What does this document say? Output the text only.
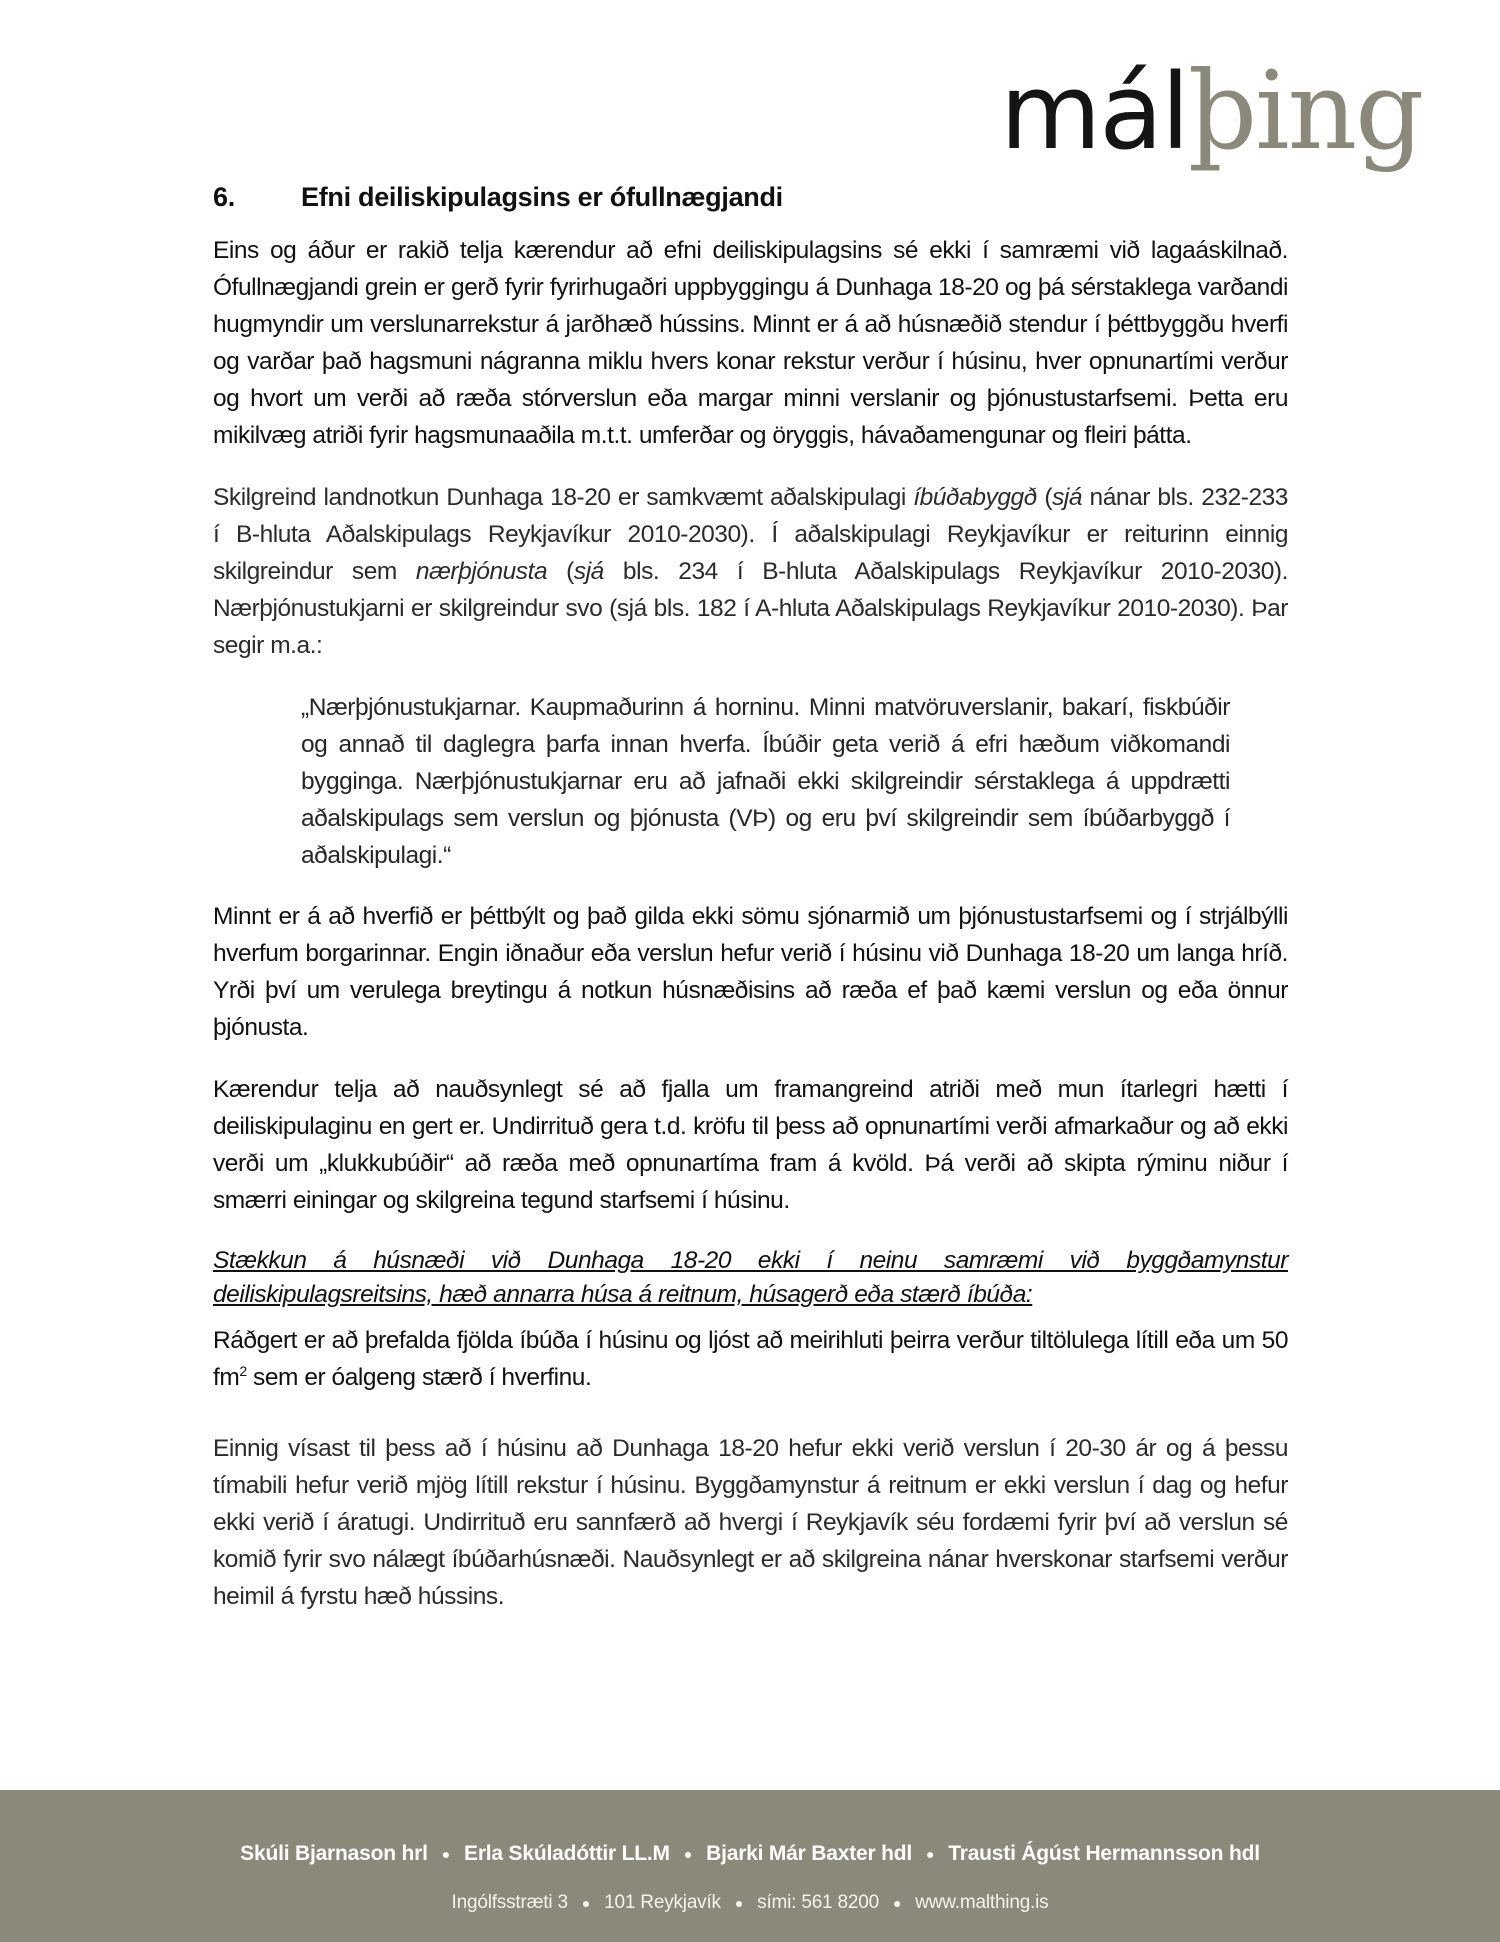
málþing
6.	Efni deiliskipulagsins er ófullnægjandi

Eins og áður er rakið telja kærendur að efni deiliskipulagsins sé ekki í samræmi við lagaáskilnað. Ófullnægjandi grein er gerð fyrir fyrirhugaðri uppbyggingu á Dunhaga 18-20 og þá sérstaklega varðandi hugmyndir um verslunarrekstur á jarðhæð hússins. Minnt er á að húsnæðið stendur í þéttbyggðu hverfi og varðar það hagsmuni nágranna miklu hvers konar rekstur verður í húsinu, hver opnunartími verður og hvort um verði að ræða stórverslun eða margar minni verslanir og þjónustustarfsemi. Þetta eru mikilvæg atriði fyrir hagsmunaaðila m.t.t. umferðar og öryggis, hávaðamengunar og fleiri þátta.

Skilgreind landnotkun Dunhaga 18-20 er samkvæmt aðalskipulagi íbúðabyggð (sjá nánar bls. 232-233 í B-hluta Aðalskipulags Reykjavíkur 2010-2030). Í aðalskipulagi Reykjavíkur er reiturinn einnig skilgreindur sem nærþjónusta (sjá bls. 234 í B-hluta Aðalskipulags Reykjavíkur 2010-2030). Nærþjónustukjarni er skilgreindur svo (sjá bls. 182 í A-hluta Aðalskipulags Reykjavíkur 2010-2030). Þar segir m.a.:

„Nærþjónustukjarnar. Kaupmaðurinn á horninu. Minni matvöruverslanir, bakarí, fiskbúðir og annað til daglegra þarfa innan hverfa. Íbúðir geta verið á efri hæðum viðkomandi bygginga. Nærþjónustukjarnar eru að jafnaði ekki skilgreindir sérstaklega á uppdrætti aðalskipulags sem verslun og þjónusta (VÞ) og eru því skilgreindir sem íbúðarbyggð í aðalskipulagi.“

Minnt er á að hverfið er þéttbýlt og það gilda ekki sömu sjónarmið um þjónustustarfsemi og í strjálbýlli hverfum borgarinnar. Engin iðnaður eða verslun hefur verið í húsinu við Dunhaga 18-20 um langa hríð. Yrði því um verulega breytingu á notkun húsnæðisins að ræða ef það kæmi verslun og eða önnur þjónusta.

Kærendur telja að nauðsynlegt sé að fjalla um framangreind atriði með mun ítarlegri hætti í deiliskipulaginu en gert er. Undirrituð gera t.d. kröfu til þess að opnunartími verði afmarkaður og að ekki verði um „klukkubúðir“ að ræða með opnunartíma fram á kvöld. Þá verði að skipta rýminu niður í smærri einingar og skilgreina tegund starfsemi í húsinu.

Stækkun á húsnæði við Dunhaga 18-20 ekki í neinu samræmi við byggðamynstur deiliskipulagsreitsins, hæð annarra húsa á reitnum, húsagerð eða stærð íbúða:

Ráðgert er að þrefalda fjölda íbúða í húsinu og ljóst að meirihluti þeirra verður tiltölulega lítill eða um 50 $fm^2$ sem er óalgeng stærð í hverfinu.

Einnig vísast til þess að í húsinu að Dunhaga 18-20 hefur ekki verið verslun í 20-30 ár og á þessu tímabili hefur verið mjög lítill rekstur í húsinu. Byggðamynstur á reitnum er ekki verslun í dag og hefur ekki verið í áratugi. Undirrituð eru sannfærð að hvergi í Reykjavík séu fordæmi fyrir því að verslun sé komið fyrir svo nálægt íbúðarhúsnæði. Nauðsynlegt er að skilgreina nánar hverskonar starfsemi verður heimil á fyrstu hæð hússins.

Skúli Bjarnason hrl ● Erla Skúladóttir LL.M ● Bjarki Már Baxter hdl ● Trausti Ágúst Hermannsson hdl
Ingólfsstræti 3 ● 101 Reykjavík ● sími: 561 8200 ● www.malthing.is
